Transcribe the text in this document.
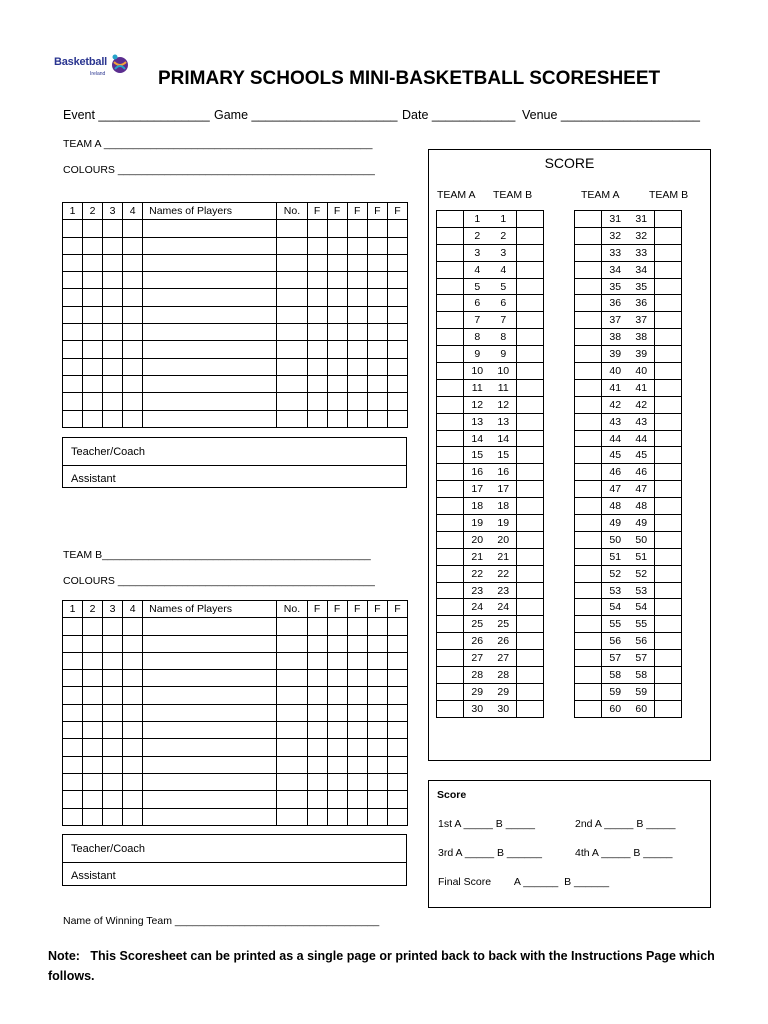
Basketball
Ireland	PRIMARY SCHOOLS MINI-BASKETBALL SCORESHEET
Event ________________ Game _____________________ Date ____________ Venue ____________________
TEAM A ______________________________________________
COLOURS ____________________________________________
1	2	3	4	Names of Players	No.	F	F	F	F	F

Teacher/Coach
Assistant
TEAM B______________________________________________
COLOURS ____________________________________________
1	2	3	4	Names of Players	No.	F	F	F	F	F

Teacher/Coach
Assistant
SCORE
TEAM A TEAM B	TEAM A	TEAM B
	1	1	
	2	2	
	3	3	
	4	4	
	5	5	
	6	6	
	7	7	
	8	8	
	9	9	
	10	10	
	11	11	
	12	12	
	13	13	
	14	14	
	15	15	
	16	16	
	17	17	
	18	18	
	19	19	
	20	20	
	21	21	
	22	22	
	23	23	
	24	24	
	25	25	
	26	26	
	27	27	
	28	28	
	29	29	
	30	30	
	31	31	
	32	32	
	33	33	
	34	34	
	35	35	
	36	36	
	37	37	
	38	38	
	39	39	
	40	40	
	41	41	
	42	42	
	43	43	
	44	44	
	45	45	
	46	46	
	47	47	
	48	48	
	49	49	
	50	50	
	51	51	
	52	52	
	53	53	
	54	54	
	55	55	
	56	56	
	57	57	
	58	58	
	59	59	
	60	60	
Score
1st A _____ B _____	2nd A _____ B _____
3rd A _____ B ______	4th A _____ B _____
Final Score        A ______  B ______
Name of Winning Team ___________________________________
Note:   This Scoresheet can be printed as a single page or printed back to back with the Instructions Page which follows.
